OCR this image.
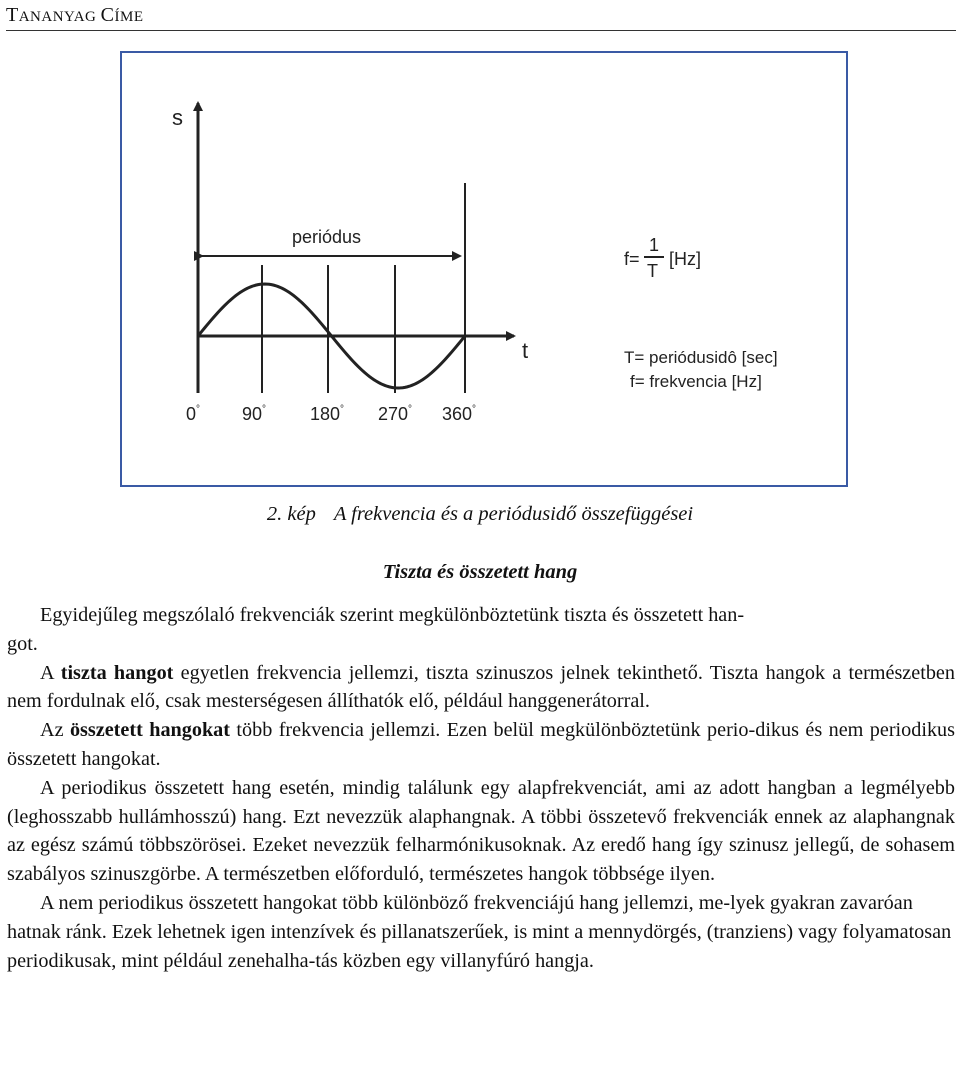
TANANYAG CÍME
s
t
periódus
0° 90° 180° 270° 360°
f=
1
T
[Hz]
T= periódusidô [sec]
f= frekvencia [Hz]
2. kép A frekvencia és a periódusidő összefüggései
Tiszta és összetett hang

Egyidejűleg megszólaló frekvenciák szerint megkülönböztetünk tiszta és összetett han-

got.

A tiszta hangot egyetlen frekvencia jellemzi, tiszta szinuszos jelnek tekinthető. Tiszta hangok a természetben nem fordulnak elő, csak mesterségesen állíthatók elő, például hanggenerátorral.

Az összetett hangokat több frekvencia jellemzi. Ezen belül megkülönböztetünk perio-dikus és nem periodikus összetett hangokat.

A periodikus összetett hang esetén, mindig találunk egy alapfrekvenciát, ami az adott hangban a legmélyebb (leghosszabb hullámhosszú) hang. Ezt nevezzük alaphangnak. A többi összetevő frekvenciák ennek az alaphangnak az egész számú többszörösei. Ezeket nevezzük felharmónikusoknak. Az eredő hang így szinusz jellegű, de sohasem szabályos szinuszgörbe. A természetben előforduló, természetes hangok többsége ilyen.

A nem periodikus összetett hangokat több különböző frekvenciájú hang jellemzi, me-lyek gyakran zavaróan hatnak ránk. Ezek lehetnek igen intenzívek és pillanatszerűek, is mint a mennydörgés, (tranziens) vagy folyamatosan periodikusak, mint például zenehalha-tás közben egy villanyfúró hangja.
